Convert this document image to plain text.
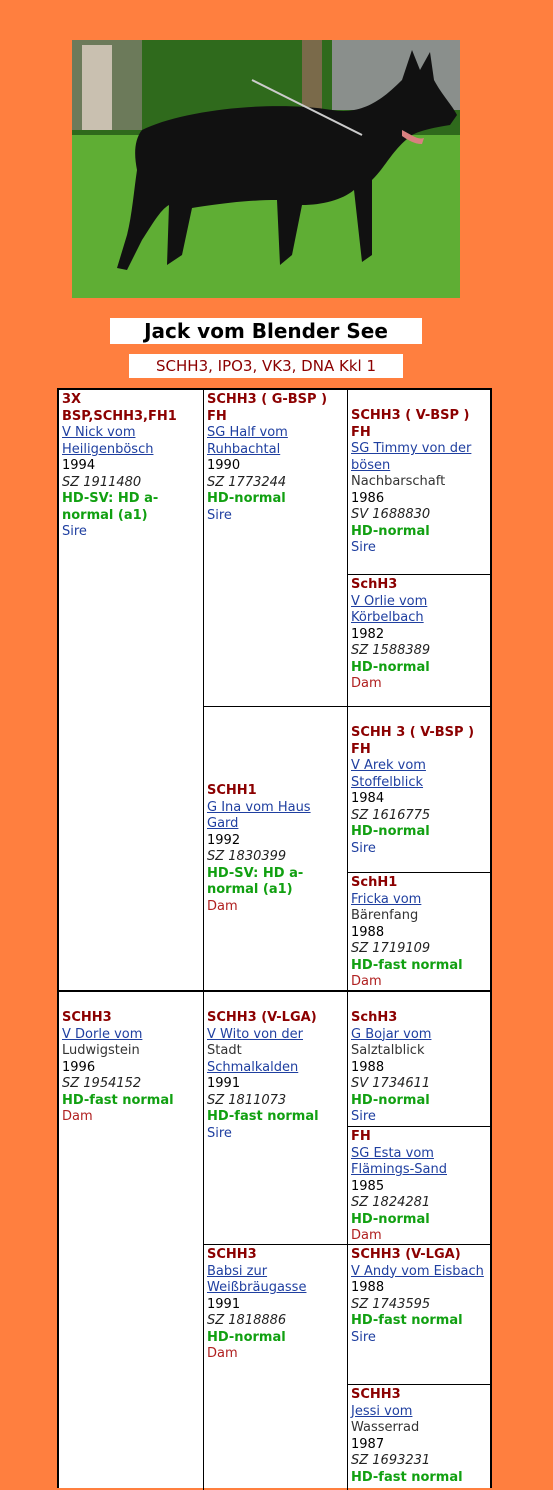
Jack vom Blender See
SCHH3, IPO3, VK3, DNA Kkl 1
3X BSP,SCHH3,FH1
V Nick vom Heiligenbösch
1994
SZ 1911480
HD-SV: HD a-normal (a1)
Sire
SCHH3 ( G-BSP ) FH
SG Half vom Ruhbachtal
1990
SZ 1773244
HD-normal
Sire
SCHH3 ( V-BSP ) FH
SG Timmy von der bösen
Nachbarschaft
1986
SV 1688830
HD-normal
Sire
SchH3
V Orlie vom Körbelbach
1982
SZ 1588389
HD-normal
Dam
SCHH1
G Ina vom Haus Gard
1992
SZ 1830399
HD-SV: HD a-normal (a1)
Dam
SCHH 3 ( V-BSP ) FH
V Arek vom Stoffelblick
1984
SZ 1616775
HD-normal
Sire
SchH1
Fricka vom
Bärenfang
1988
SZ 1719109
HD-fast normal
Dam
SCHH3
V Dorle vom
Ludwigstein
1996
SZ 1954152
HD-fast normal
Dam
SCHH3 (V-LGA)
V Wito von der
Stadt
Schmalkalden
1991
SZ 1811073
HD-fast normal
Sire
SchH3
G Bojar vom
Salztalblick
1988
SV 1734611
HD-normal
Sire
FH
SG Esta vom Flämings-Sand
1985
SZ 1824281
HD-normal
Dam
SCHH3
Babsi zur Weißbräugasse
1991
SZ 1818886
HD-normal
Dam
SCHH3 (V-LGA)
V Andy vom Eisbach
1988
SZ 1743595
HD-fast normal
Sire
SCHH3
Jessi vom
Wasserrad
1987
SZ 1693231
HD-fast normal
